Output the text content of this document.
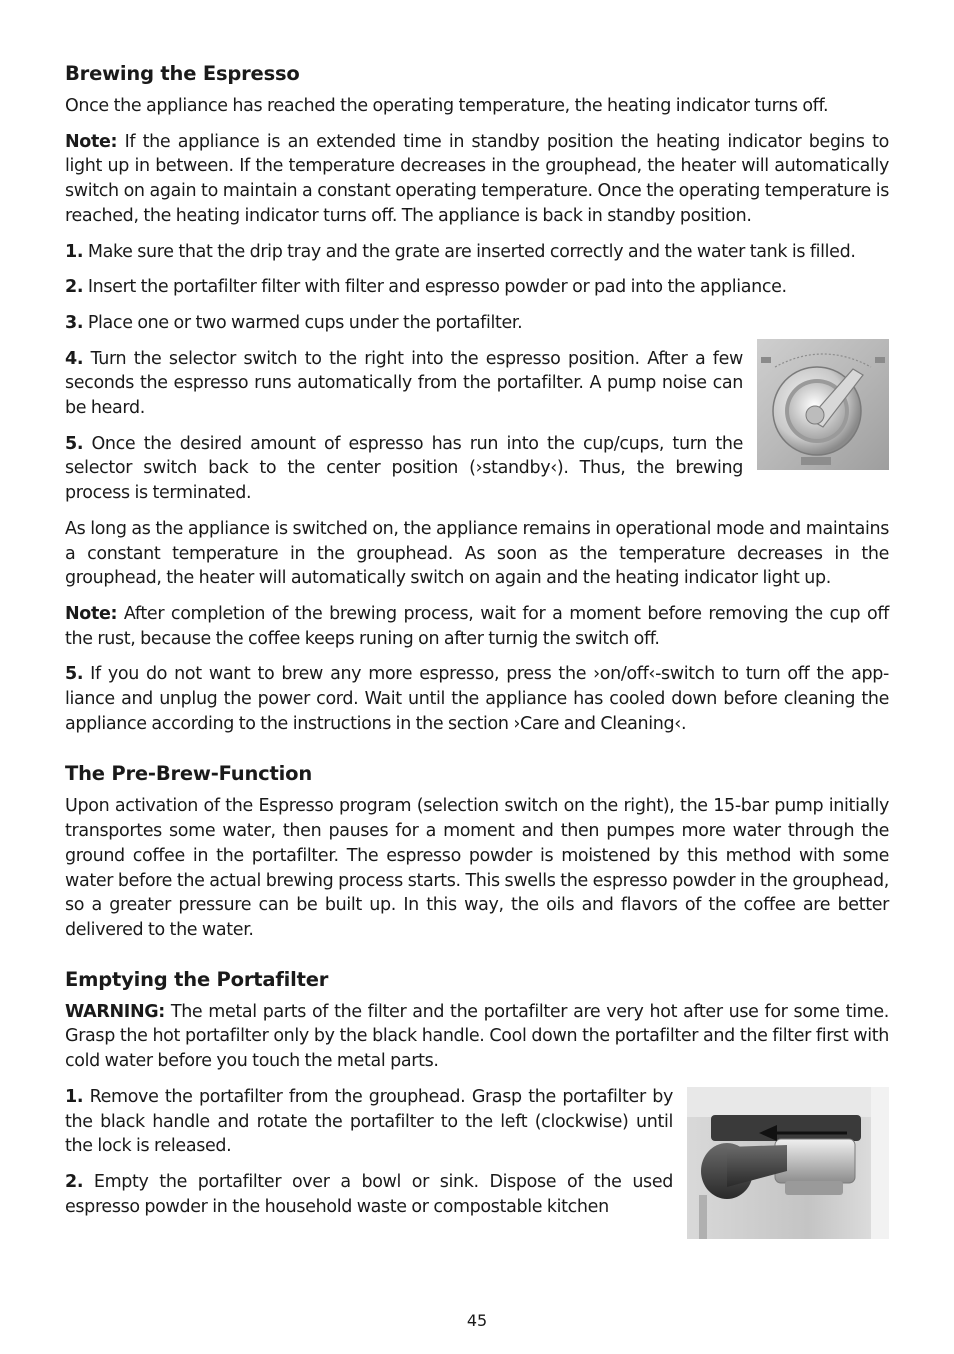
Brewing the Espresso

Once the appliance has reached the operating temperature, the heating indicator turns off.

Note: If the appliance is an extended time in standby position the heating indicator begins to light up in between. If the temperature decreases in the grouphead, the heater will automatically switch on again to maintain a constant operating temperature. Once the operating temperature is reached, the heating indicator turns off. The appliance is back in standby position.

1. Make sure that the drip tray and the grate are inserted correctly and the water tank is filled.

2. Insert the portafilter filter with filter and espresso powder or pad into the appliance.

3. Place one or two warmed cups under the portafilter.

4. Turn the selector switch to the right into the espresso position. After a few seconds the espresso runs automatically from the portafilter. A pump noise can be heard.

5. Once the desired amount of espresso has run into the cup/cups, turn the selector switch back to the center position (›standby‹). Thus, the brewing process is terminated.

As long as the appliance is switched on, the appliance remains in operational mode and maintains a constant temperature in the grouphead. As soon as the temperature decreases in the grouphead, the heater will automatically switch on again and the heating indicator light up.

Note: After completion of the brewing process, wait for a moment before removing the cup off the rust, because the coffee keeps runing on after turnig the switch off.

5. If you do not want to brew any more espresso, press the ›on/off‹-switch to turn off the app-liance and unplug the power cord. Wait until the appliance has cooled down before cleaning the appliance according to the instructions in the section ›Care and Cleaning‹.

The Pre-Brew-Function

Upon activation of the Espresso program (selection switch on the right), the 15-bar pump initially transportes some water, then pauses for a moment and then pumpes more water through the ground coffee in the portafilter. The espresso powder is moistened by this method with some water before the actual brewing process starts. This swells the espresso powder in the grouphead, so a greater pressure can be built up. In this way, the oils and flavors of the coffee are better delivered to the water.

Emptying the Portafilter

WARNING: The metal parts of the filter and the portafilter are very hot after use for some time. Grasp the hot portafilter only by the black handle. Cool down the portafilter and the filter first with cold water before you touch the metal parts.

1. Remove the portafilter from the grouphead. Grasp the portafilter by the black handle and rotate the portafilter to the left (clockwise) until the lock is released.

2. Empty the portafilter over a bowl or sink. Dispose of the used espresso powder in the household waste or compostable kitchen

45
